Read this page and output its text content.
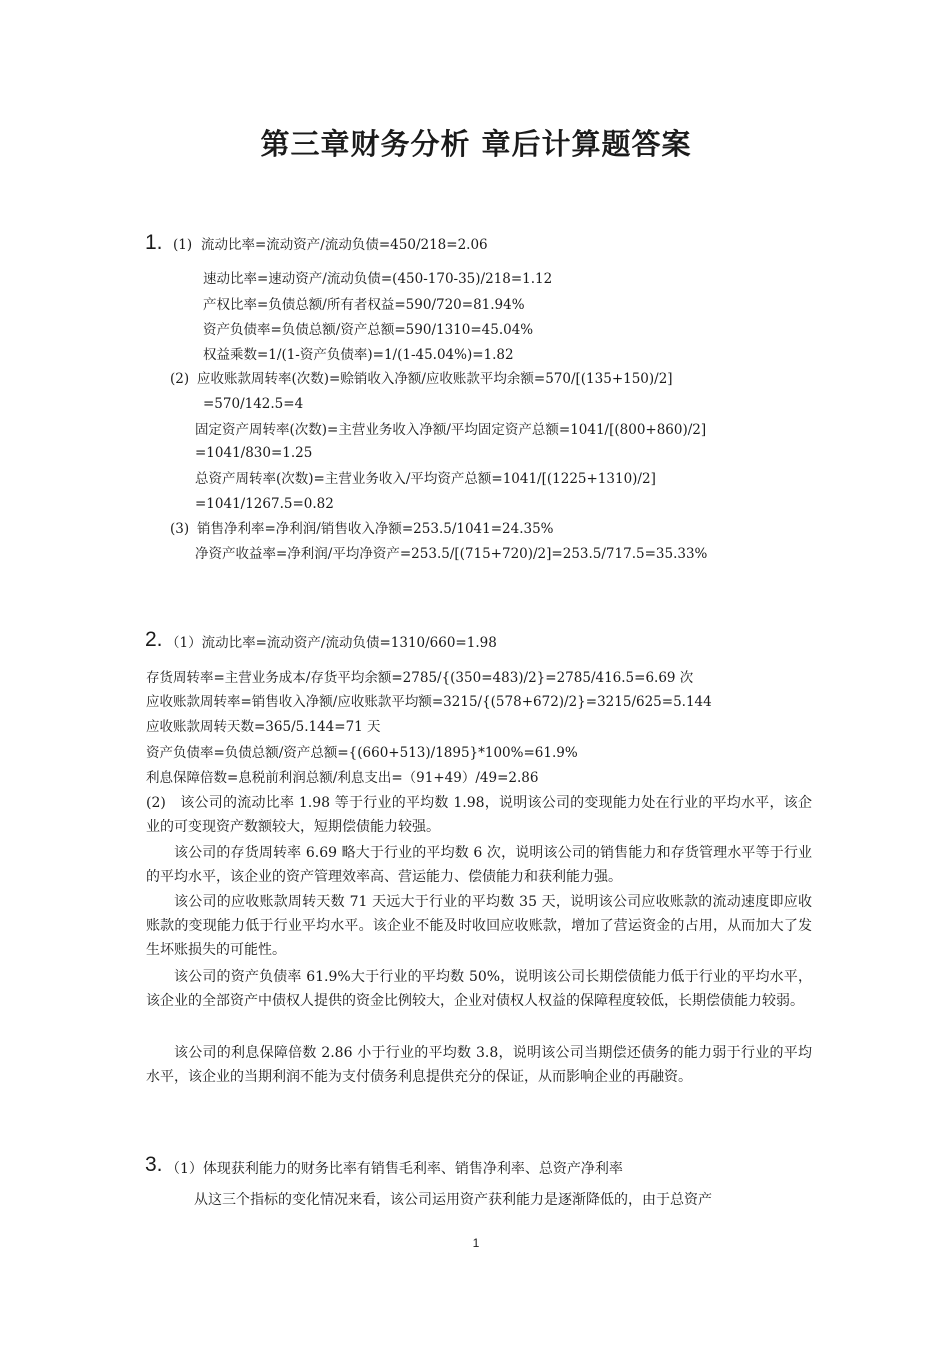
第三章财务分析 章后计算题答案
1. (1) 流动比率=流动资产/流动负债=450/218=2.06
速动比率=速动资产/流动负债=(450-170-35)/218=1.12
产权比率=负债总额/所有者权益=590/720=81.94%
资产负债率=负债总额/资产总额=590/1310=45.04%
权益乘数=1/(1-资产负债率)=1/(1-45.04%)=1.82
(2) 应收账款周转率(次数)=赊销收入净额/应收账款平均余额=570/[(135+150)/2]
=570/142.5=4
固定资产周转率(次数)=主营业务收入净额/平均固定资产总额=1041/[(800+860)/2]
=1041/830=1.25
总资产周转率(次数)=主营业务收入/平均资产总额=1041/[(1225+1310)/2]
=1041/1267.5=0.82
(3) 销售净利率=净利润/销售收入净额=253.5/1041=24.35%
净资产收益率=净利润/平均净资产=253.5/[(715+720)/2]=253.5/717.5=35.33%
2. （1）流动比率=流动资产/流动负债=1310/660=1.98
存货周转率=主营业务成本/存货平均余额=2785/{(350=483)/2}=2785/416.5=6.69 次
应收账款周转率=销售收入净额/应收账款平均额=3215/{(578+672)/2}=3215/625=5.144
应收账款周转天数=365/5.144=71 天
资产负债率=负债总额/资产总额={(660+513)/1895}*100%=61.9%
利息保障倍数=息税前利润总额/利息支出=（91+49）/49=2.86
(2)　该公司的流动比率 1.98 等于行业的平均数 1.98，说明该公司的变现能力处在行业的平均水平，该企业的可变现资产数额较大，短期偿债能力较强。
该公司的存货周转率 6.69 略大于行业的平均数 6 次，说明该公司的销售能力和存货管理水平等于行业的平均水平，该企业的资产管理效率高、营运能力、偿债能力和获利能力强。
该公司的应收账款周转天数 71 天远大于行业的平均数 35 天，说明该公司应收账款的流动速度即应收账款的变现能力低于行业平均水平。该企业不能及时收回应收账款，增加了营运资金的占用，从而加大了发生坏账损失的可能性。
该公司的资产负债率 61.9%大于行业的平均数 50%，说明该公司长期偿债能力低于行业的平均水平，该企业的全部资产中债权人提供的资金比例较大，企业对债权人权益的保障程度较低，长期偿债能力较弱。
该公司的利息保障倍数 2.86 小于行业的平均数 3.8，说明该公司当期偿还债务的能力弱于行业的平均水平，该企业的当期利润不能为支付债务利息提供充分的保证，从而影响企业的再融资。
3. （1）体现获利能力的财务比率有销售毛利率、销售净利率、总资产净利率
从这三个指标的变化情况来看，该公司运用资产获利能力是逐渐降低的，由于总资产
1
